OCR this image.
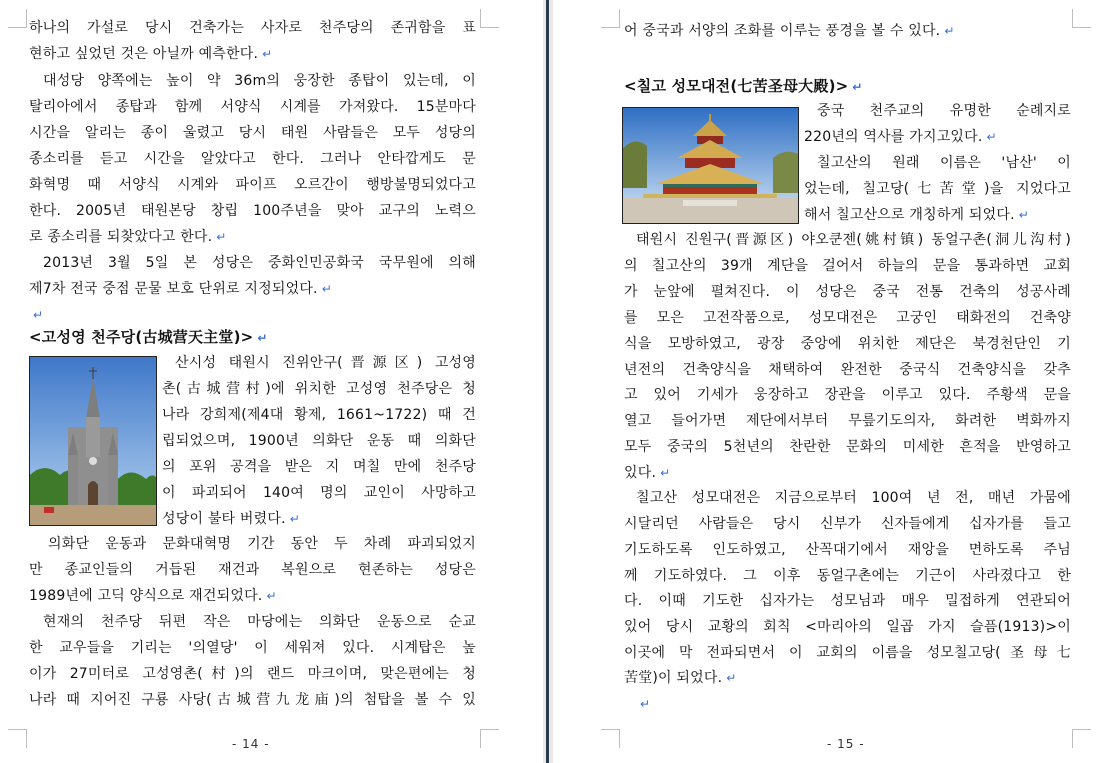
하나의 가설로 당시 건축가는 사자로 천주당의 존귀함을 표
현하고 싶었던 것은 아닐까 예측한다. ↵
대성당 양쪽에는 높이 약 36m의 웅장한 종탑이 있는데, 이
탈리아에서 종탑과 함께 서양식 시계를 가져왔다. 15분마다
시간을 알리는 종이 울렸고 당시 태원 사람들은 모두 성당의
종소리를 듣고 시간을 알았다고 한다. 그러나 안타깝게도 문
화혁명 때 서양식 시계와 파이프 오르간이 행방불명되었다고
한다. 2005년 태원본당 창립 100주년을 맞아 교구의 노력으
로 종소리를 되찾았다고 한다. ↵
2013년 3월 5일 본 성당은 중화인민공화국 국무원에 의해
제7차 전국 중점 문물 보호 단위로 지정되었다. ↵
↵
<고성영 천주당(古城营天主堂)> ↵
산시성 태원시 진위안구(晋源区) 고성영
촌(古城营村)에 위치한 고성영 천주당은 청
나라 강희제(제4대 황제, 1661~1722) 때 건
립되었으며, 1900년 의화단 운동 때 의화단
의 포위 공격을 받은 지 며칠 만에 천주당
이 파괴되어 140여 명의 교인이 사망하고
성당이 불타 버렸다. ↵
의화단 운동과 문화대혁명 기간 동안 두 차례 파괴되었지
만 종교인들의 거듭된 재건과 복원으로 현존하는 성당은
1989년에 고딕 양식으로 재건되었다. ↵
현재의 천주당 뒤편 작은 마당에는 의화단 운동으로 순교
한 교우들을 기리는 '의열당' 이 세워져 있다. 시계탑은 높
이가 27미터로 고성영촌(村)의 랜드 마크이며, 맞은편에는 청
나라 때 지어진 구룡 사당(古城营九龙庙)의 첨탑을 볼 수 있
- 14 -
어 중국과 서양의 조화를 이루는 풍경을 볼 수 있다. ↵
<칠고 성모대전(七苦圣母大殿)> ↵
중국 천주교의 유명한 순례지로
220년의 역사를 가지고있다. ↵
칠고산의 원래 이름은 '남산' 이
었는데, 칠고당(七苦堂)을 지었다고
해서 칠고산으로 개칭하게 되었다. ↵
태원시 진원구(晋源区) 야오쿤젠(姚村镇) 동얼구촌(洞儿沟村)
의 칠고산의 39개 계단을 걸어서 하늘의 문을 통과하면 교회
가 눈앞에 펼쳐진다. 이 성당은 중국 전통 건축의 성공사례
를 모은 고전작품으로, 성모대전은 고궁인 태화전의 건축양
식을 모방하였고, 광장 중앙에 위치한 제단은 북경천단인 기
년전의 건축양식을 채택하여 완전한 중국식 건축양식을 갖추
고 있어 기세가 웅장하고 장관을 이루고 있다. 주황색 문을
열고 들어가면 제단에서부터 무릎기도의자, 화려한 벽화까지
모두 중국의 5천년의 찬란한 문화의 미세한 흔적을 반영하고
있다. ↵
칠고산 성모대전은 지금으로부터 100여 년 전, 매년 가뭄에
시달리던 사람들은 당시 신부가 신자들에게 십자가를 들고
기도하도록 인도하였고, 산꼭대기에서 재앙을 면하도록 주님
께 기도하였다. 그 이후 동얼구촌에는 기근이 사라졌다고 한
다. 이때 기도한 십자가는 성모님과 매우 밀접하게 연관되어
있어 당시 교황의 회칙 <마리아의 일곱 가지 슬픔(1913)>이
이곳에 막 전파되면서 이 교회의 이름을 성모칠고당(圣母七
苦堂)이 되었다. ↵
↵
- 15 -
